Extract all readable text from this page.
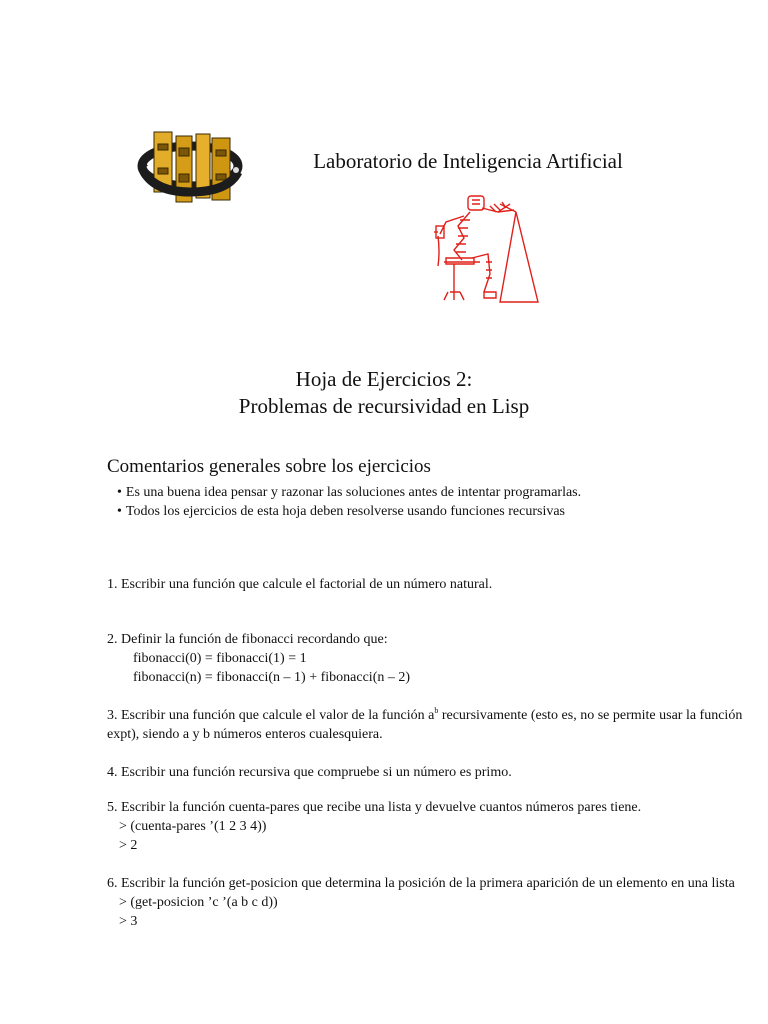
Laboratorio de Inteligencia Artificial
Hoja de Ejercicios 2:
Problemas de recursividad en Lisp
Comentarios generales sobre los ejercicios
• Es una buena idea pensar y razonar las soluciones antes de intentar programarlas.
• Todos los ejercicios de esta hoja deben resolverse usando funciones recursivas
1. Escribir una función que calcule el factorial de un número natural.
2. Definir la función de fibonacci recordando que:
fibonacci(0) = fibonacci(1) = 1
fibonacci(n) = fibonacci(n – 1) + fibonacci(n – 2)
3. Escribir una función que calcule el valor de la función $a^b$ recursivamente (esto es, no se permite usar la función expt), siendo a y b números enteros cualesquiera.
4. Escribir una función recursiva que compruebe si un número es primo.
5. Escribir la función cuenta-pares que recibe una lista y devuelve cuantos números pares tiene.
> (cuenta-pares ’(1 2 3 4))
> 2
6. Escribir la función get-posicion que determina la posición de la primera aparición de un elemento en una lista
> (get-posicion ’c ’(a b c d))
> 3
